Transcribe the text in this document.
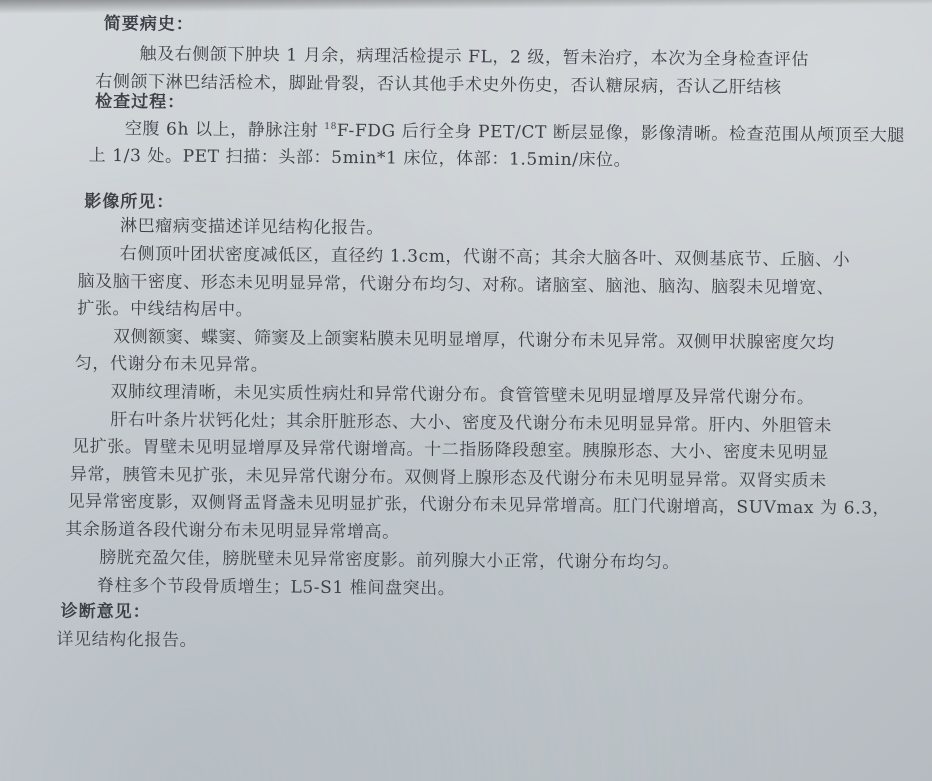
简要病史：
触及右侧颌下肿块 1 月余，病理活检提示 FL，2 级，暂未治疗，本次为全身检查评估
右侧颌下淋巴结活检术，脚趾骨裂，否认其他手术史外伤史，否认糖尿病，否认乙肝结核
检查过程：
空腹 6h 以上，静脉注射 $^{18}$F-FDG 后行全身 PET/CT 断层显像，影像清晰。检查范围从颅顶至大腿
上 1/3 处。PET 扫描：头部：5min*1 床位，体部：1.5min/床位。
影像所见：
淋巴瘤病变描述详见结构化报告。
右侧顶叶团状密度减低区，直径约 1.3cm，代谢不高；其余大脑各叶、双侧基底节、丘脑、小
脑及脑干密度、形态未见明显异常，代谢分布均匀、对称。诸脑室、脑池、脑沟、脑裂未见增宽、
扩张。中线结构居中。
双侧额窦、蝶窦、筛窦及上颌窦粘膜未见明显增厚，代谢分布未见异常。双侧甲状腺密度欠均
匀，代谢分布未见异常。
双肺纹理清晰，未见实质性病灶和异常代谢分布。食管管壁未见明显增厚及异常代谢分布。
肝右叶条片状钙化灶；其余肝脏形态、大小、密度及代谢分布未见明显异常。肝内、外胆管未
见扩张。胃壁未见明显增厚及异常代谢增高。十二指肠降段憩室。胰腺形态、大小、密度未见明显
异常，胰管未见扩张，未见异常代谢分布。双侧肾上腺形态及代谢分布未见明显异常。双肾实质未
见异常密度影，双侧肾盂肾盏未见明显扩张，代谢分布未见异常增高。肛门代谢增高，SUVmax 为 6.3，
其余肠道各段代谢分布未见明显异常增高。
膀胱充盈欠佳，膀胱壁未见异常密度影。前列腺大小正常，代谢分布均匀。
脊柱多个节段骨质增生；L5-S1 椎间盘突出。
诊断意见：
详见结构化报告。
